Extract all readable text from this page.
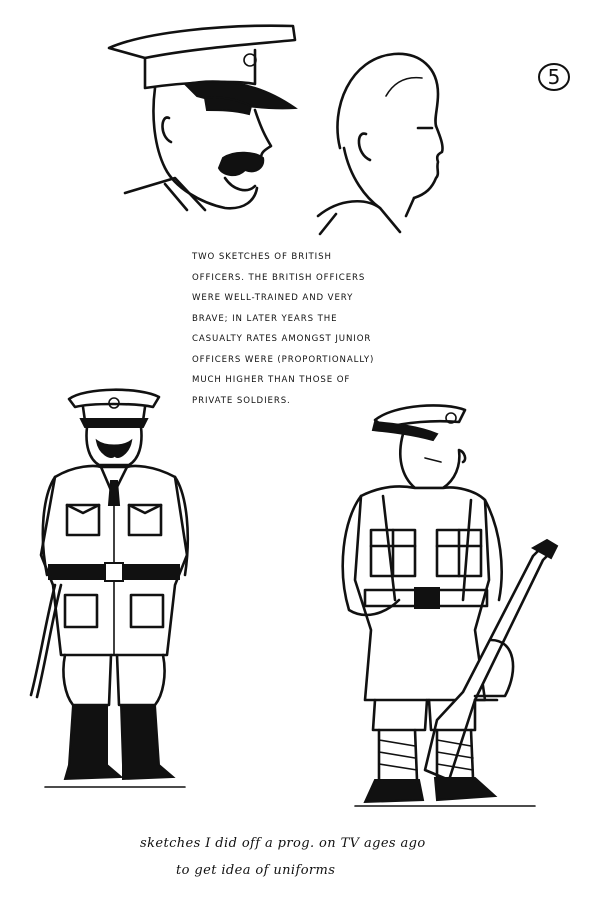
5
TWO SKETCHES OF BRITISH
OFFICERS. THE BRITISH OFFICERS
WERE WELL-TRAINED AND VERY
BRAVE; IN LATER YEARS THE
CASUALTY RATES AMONGST JUNIOR
OFFICERS WERE (PROPORTIONALLY)
MUCH HIGHER THAN THOSE OF
PRIVATE SOLDIERS.
sketches I did off a prog. on TV ages ago
to get idea of uniforms
